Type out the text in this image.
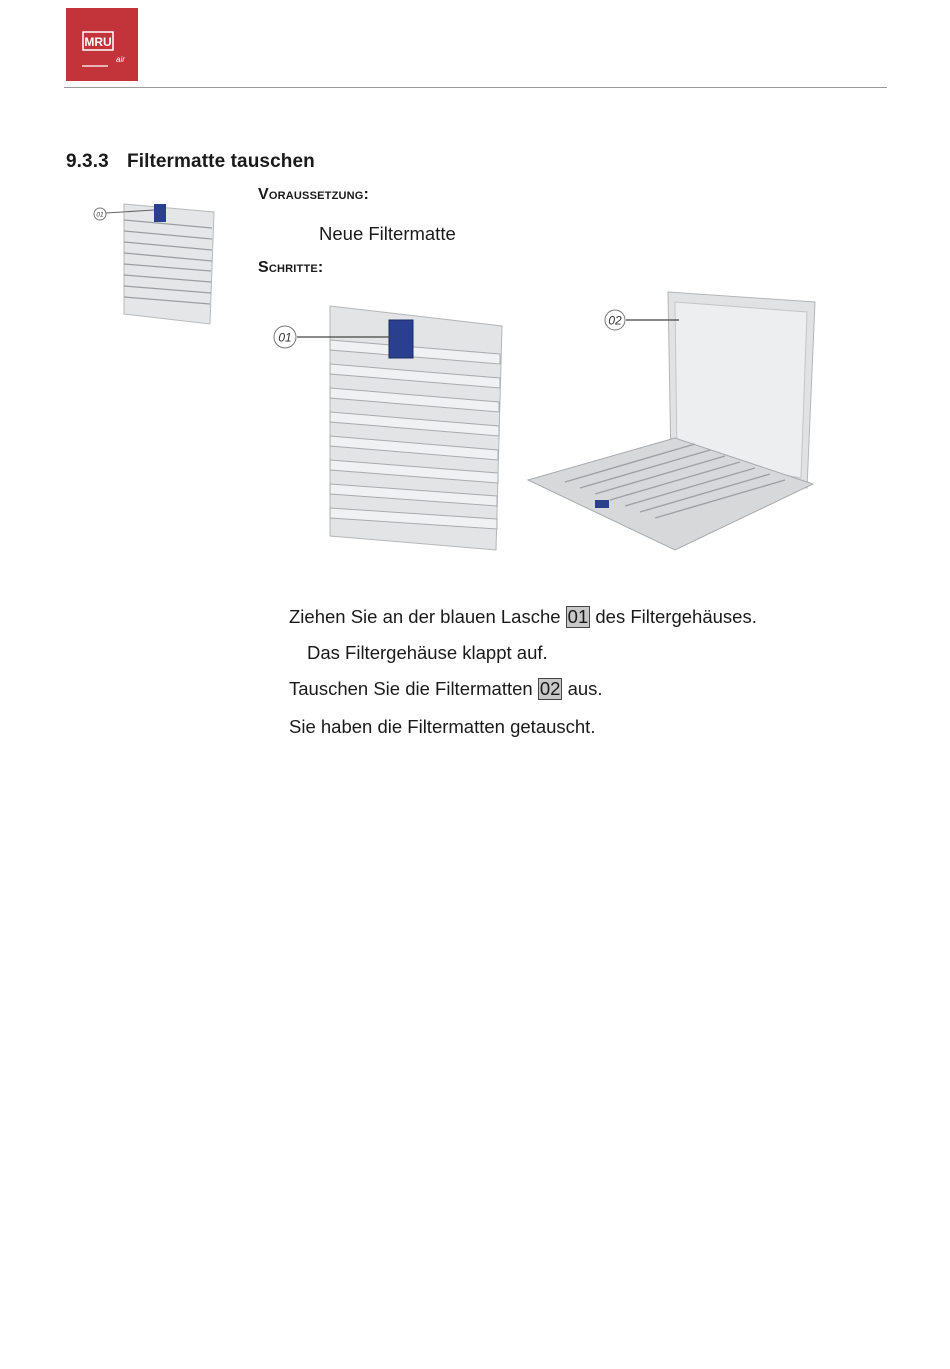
MRU
air
9.3.3 Filtermatte tauschen
01
Voraussetzung:
Neue Filtermatte
Schritte:
01
02
Ziehen Sie an der blauen Lasche 01 des Filtergehäuses.
Das Filtergehäuse klappt auf.
Tauschen Sie die Filtermatten 02 aus.
Sie haben die Filtermatten getauscht.
